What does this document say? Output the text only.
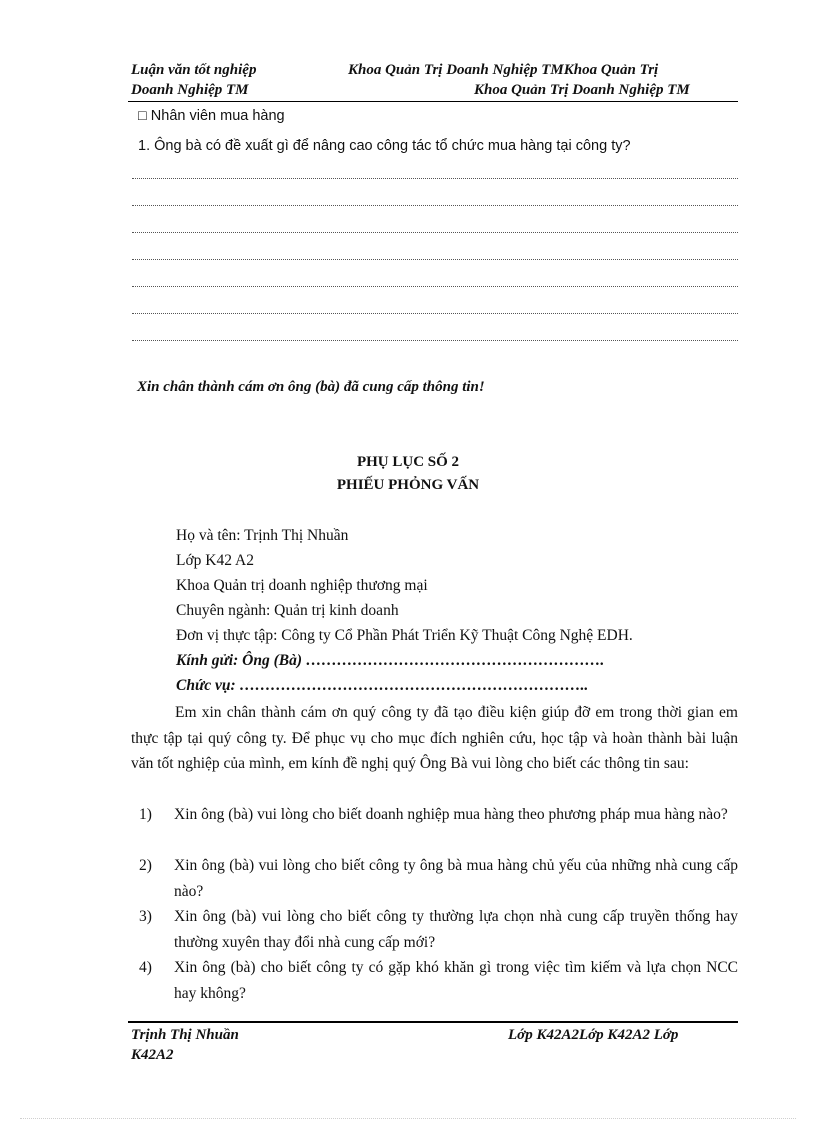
Luận văn tốt nghiệp	Khoa Quản Trị Doanh Nghiệp TMKhoa Quản Trị
Doanh Nghiệp TM	Khoa Quản Trị Doanh Nghiệp TM
□ Nhân viên mua hàng
1. Ông bà có đề xuất gì để nâng cao công tác tổ chức mua hàng tại công ty?
Xin chân thành cám ơn ông (bà) đã cung cấp thông tin!
PHỤ LỤC SỐ 2
PHIẾU PHỎNG VẤN
Họ và tên: Trịnh Thị Nhuần
Lớp K42 A2
Khoa Quản trị doanh nghiệp thương mại
Chuyên ngành: Quản trị kinh doanh
Đơn vị thực tập: Công ty Cổ Phần Phát Triển Kỹ Thuật Công Nghệ EDH.
Kính gửi: Ông (Bà) ………………………………………………….
Chức vụ: …………………………………………………………..
Em xin chân thành cám ơn quý công ty đã tạo điều kiện giúp đỡ em trong thời gian em thực tập tại quý công ty. Để phục vụ cho mục đích nghiên cứu, học tập và hoàn thành bài luận văn tốt nghiệp của mình, em kính đề nghị quý Ông Bà vui lòng cho biết các thông tin sau:
1) Xin ông (bà) vui lòng cho biết doanh nghiệp mua hàng theo phương pháp mua hàng nào?
2) Xin ông (bà) vui lòng cho biết công ty ông bà mua hàng chủ yếu của những nhà cung cấp nào?
3) Xin ông (bà) vui lòng cho biết công ty thường lựa chọn nhà cung cấp truyền thống hay thường xuyên thay đổi nhà cung cấp mới?
4) Xin ông (bà) cho biết công ty có gặp khó khăn gì trong việc tìm kiếm và lựa chọn NCC hay không?
Trịnh Thị Nhuần	Lớp K42A2Lớp K42A2 Lớp
K42A2
